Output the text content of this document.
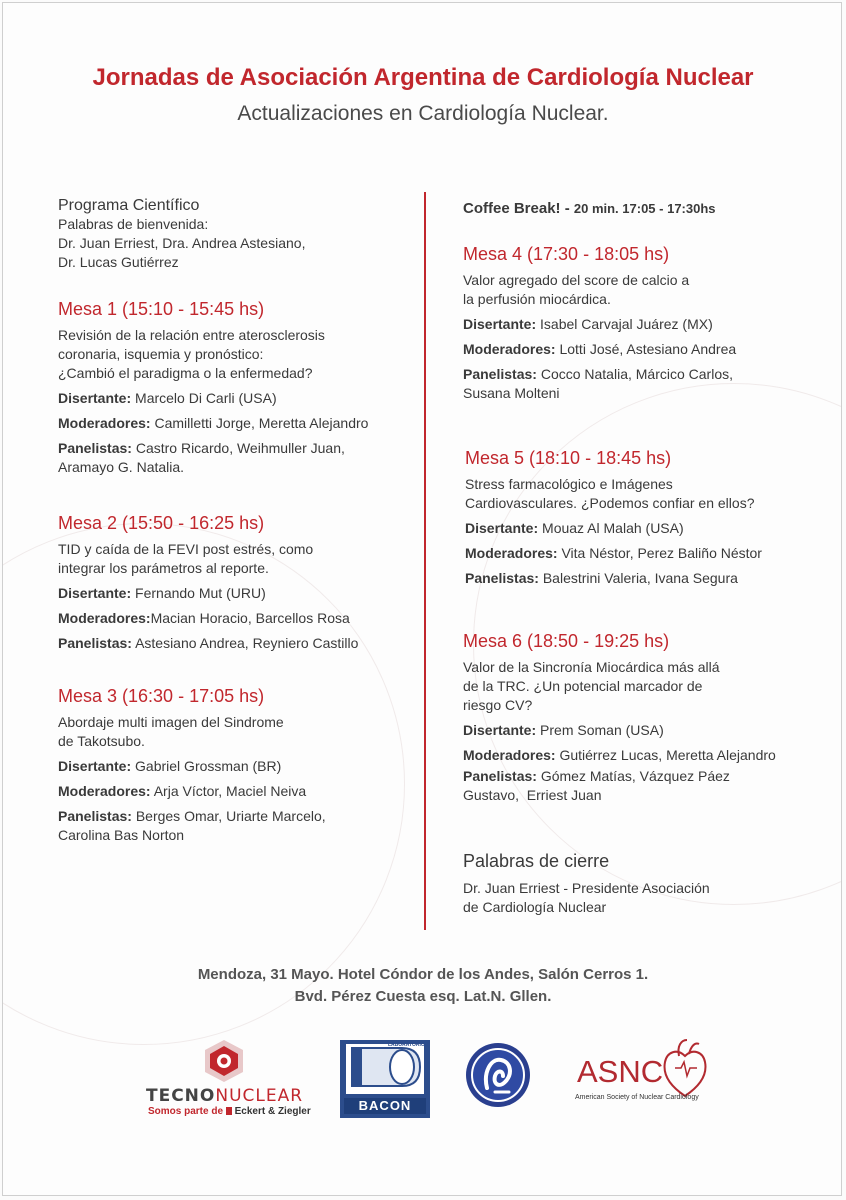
Jornadas de Asociación Argentina de Cardiología Nuclear
Actualizaciones en Cardiología Nuclear.
Programa Científico
Palabras de bienvenida:
Dr. Juan Erriest, Dra. Andrea Astesiano,
Dr. Lucas Gutiérrez
Mesa 1 (15:10 - 15:45 hs)
Revisión de la relación entre aterosclerosis
coronaria, isquemia y pronóstico:
¿Cambió el paradigma o la enfermedad?
Disertante: Marcelo Di Carli (USA)
Moderadores: Camilletti Jorge, Meretta Alejandro
Panelistas: Castro Ricardo, Weihmuller Juan,
Aramayo G. Natalia.
Mesa 2 (15:50 - 16:25 hs)
TID y caída de la FEVI post estrés, como
integrar los parámetros al reporte.
Disertante: Fernando Mut (URU)
Moderadores:Macian Horacio, Barcellos Rosa
Panelistas: Astesiano Andrea, Reyniero Castillo
Mesa 3 (16:30 - 17:05 hs)
Abordaje multi imagen del Sindrome
de Takotsubo.
Disertante: Gabriel Grossman (BR)
Moderadores: Arja Víctor, Maciel Neiva
Panelistas: Berges Omar, Uriarte Marcelo,
Carolina Bas Norton
Coffee Break! - 20 min. 17:05 - 17:30hs
Mesa 4 (17:30 - 18:05 hs)
Valor agregado del score de calcio a
la perfusión miocárdica.
Disertante: Isabel Carvajal Juárez (MX)
Moderadores: Lotti José, Astesiano Andrea
Panelistas: Cocco Natalia, Márcico Carlos,
Susana Molteni
Mesa 5 (18:10 - 18:45 hs)
Stress farmacológico e Imágenes
Cardiovasculares. ¿Podemos confiar en ellos?
Disertante: Mouaz Al Malah (USA)
Moderadores: Vita Néstor, Perez Baliño Néstor
Panelistas: Balestrini Valeria, Ivana Segura
Mesa 6 (18:50 - 19:25 hs)
Valor de la Sincronía Miocárdica más allá
de la TRC. ¿Un potencial marcador de
riesgo CV?
Disertante: Prem Soman (USA)
Moderadores: Gutiérrez Lucas, Meretta Alejandro
Panelistas: Gómez Matías, Vázquez Páez
Gustavo,  Erriest Juan
Palabras de cierre
Dr. Juan Erriest - Presidente Asociación
de Cardiología Nuclear
Mendoza, 31 Mayo. Hotel Cóndor de los Andes, Salón Cerros 1.
Bvd. Pérez Cuesta esq. Lat.N. Gllen.
TECNONUCLEAR
Somos parte de Eckert & Ziegler
LABORATORIOS
BACON
ASNC
American Society of Nuclear Cardiology
